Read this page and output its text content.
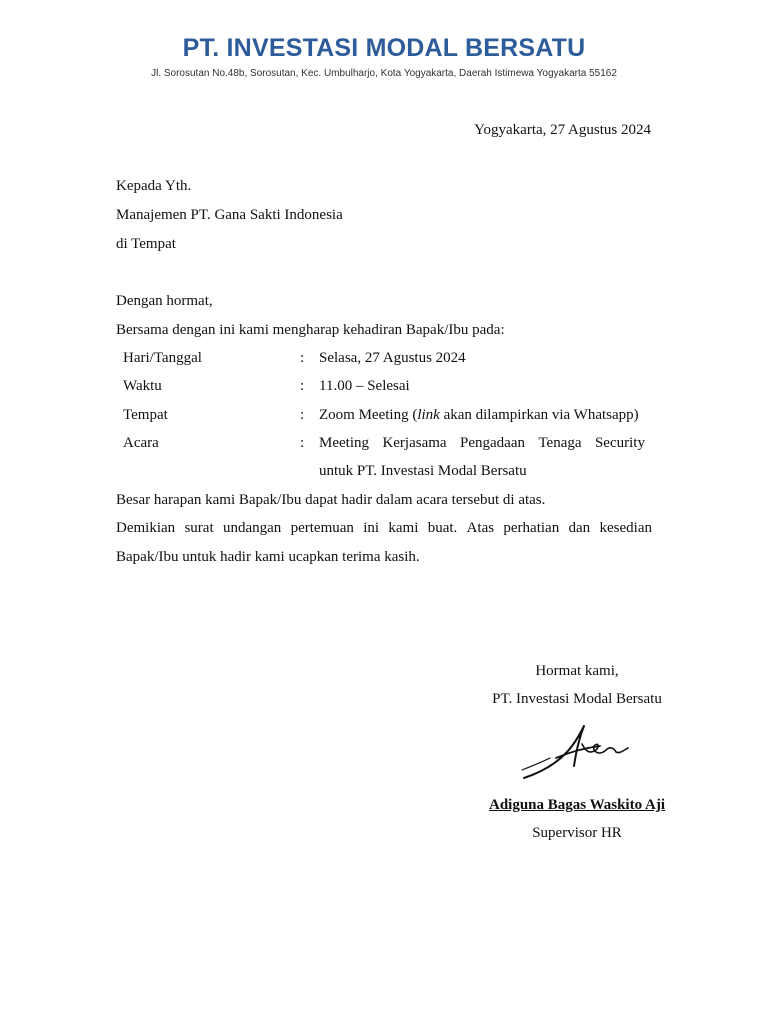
PT. INVESTASI MODAL BERSATU
Jl. Sorosutan No.48b, Sorosutan, Kec. Umbulharjo, Kota Yogyakarta, Daerah Istimewa Yogyakarta 55162
Yogyakarta, 27 Agustus 2024
Kepada Yth.
Manajemen PT. Gana Sakti Indonesia
di Tempat
Dengan hormat,
Bersama dengan ini kami mengharap kehadiran Bapak/Ibu pada:
Hari/Tanggal	: Selasa, 27 Agustus 2024
Waktu	: 11.00 – Selesai
Tempat	: Zoom Meeting (link akan dilampirkan via Whatsapp)
Acara	: Meeting Kerjasama Pengadaan Tenaga Security
untuk PT. Investasi Modal Bersatu
Besar harapan kami Bapak/Ibu dapat hadir dalam acara tersebut di atas.
Demikian surat undangan pertemuan ini kami buat. Atas perhatian dan kesedian
Bapak/Ibu untuk hadir kami ucapkan terima kasih.
Hormat kami,
PT. Investasi Modal Bersatu
Adiguna Bagas Waskito Aji
Supervisor HR
